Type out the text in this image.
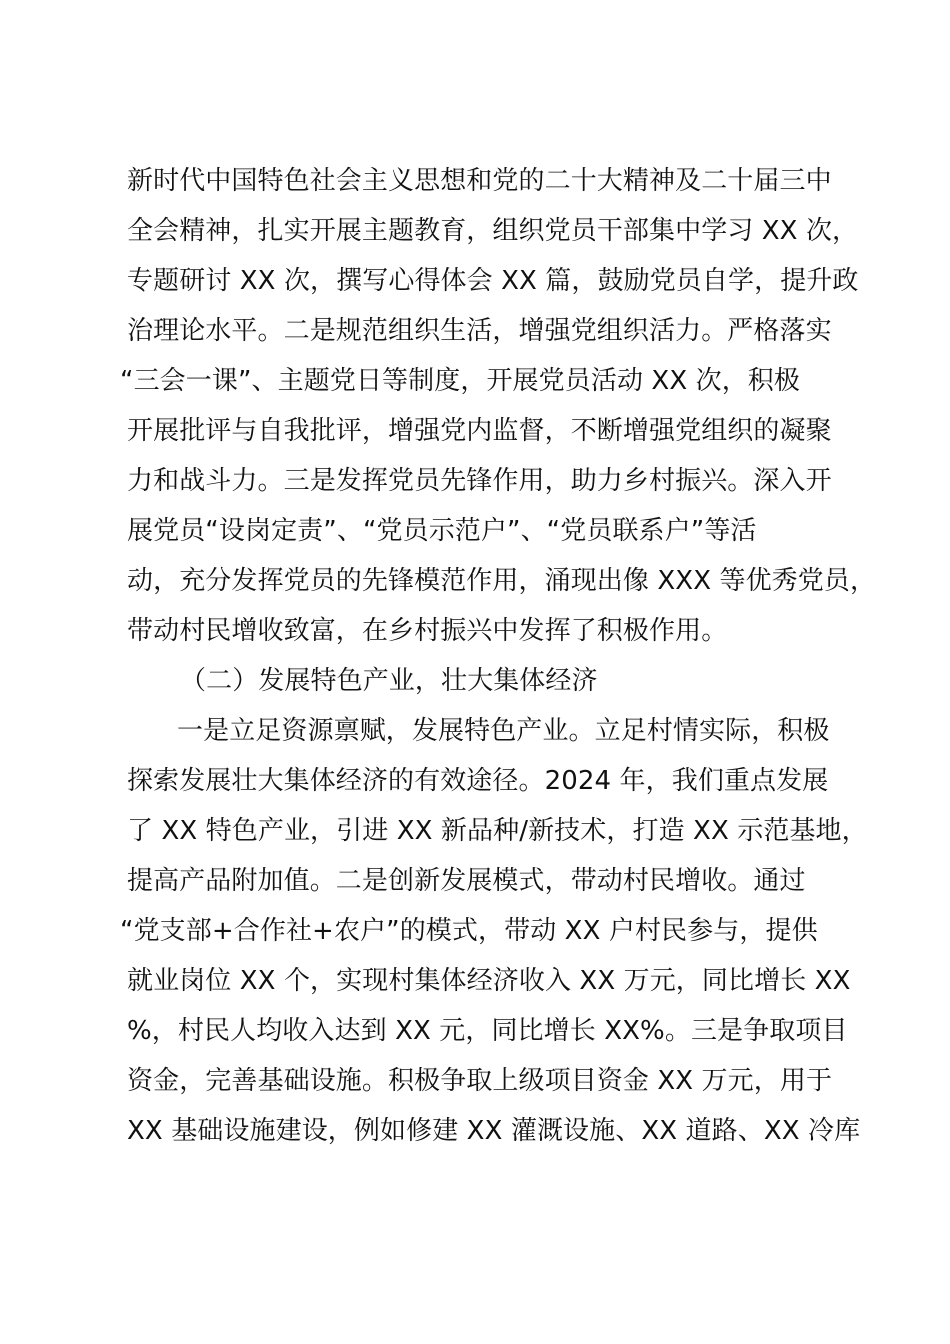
新时代中国特色社会主义思想和党的二十大精神及二十届三中
全会精神，扎实开展主题教育，组织党员干部集中学习 XX 次，
专题研讨 XX 次，撰写心得体会 XX 篇，鼓励党员自学，提升政
治理论水平。二是规范组织生活，增强党组织活力。严格落实
“三会一课”、主题党日等制度，开展党员活动 XX 次，积极
开展批评与自我批评，增强党内监督，不断增强党组织的凝聚
力和战斗力。三是发挥党员先锋作用，助力乡村振兴。深入开
展党员“设岗定责”、“党员示范户”、“党员联系户”等活
动，充分发挥党员的先锋模范作用，涌现出像 XXX 等优秀党员，
带动村民增收致富，在乡村振兴中发挥了积极作用。
（二）发展特色产业，壮大集体经济
一是立足资源禀赋，发展特色产业。立足村情实际，积极
探索发展壮大集体经济的有效途径。2024 年，我们重点发展
了 XX 特色产业，引进 XX 新品种/新技术，打造 XX 示范基地，
提高产品附加值。二是创新发展模式，带动村民增收。通过
“党支部+合作社+农户”的模式，带动 XX 户村民参与，提供
就业岗位 XX 个，实现村集体经济收入 XX 万元，同比增长 XX
%，村民人均收入达到 XX 元，同比增长 XX%。三是争取项目
资金，完善基础设施。积极争取上级项目资金 XX 万元，用于
XX 基础设施建设，例如修建 XX 灌溉设施、XX 道路、XX 冷库
